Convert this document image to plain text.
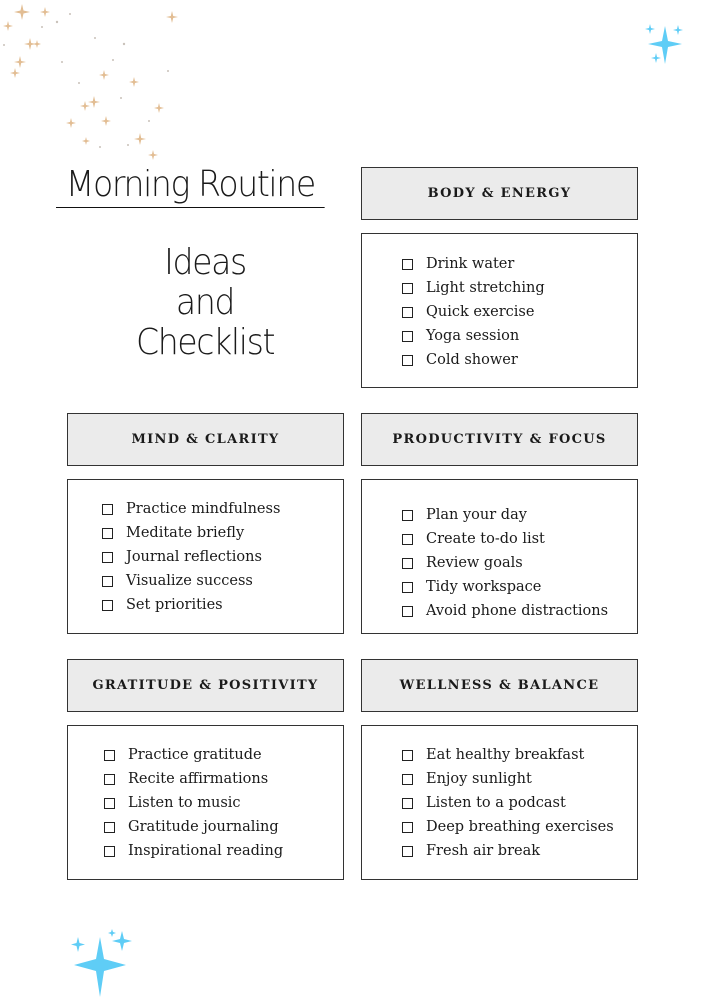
Morning Routine
Ideas
and
Checklist
BODY & ENERGY
Drink water
Light stretching
Quick exercise
Yoga session
Cold shower
MIND & CLARITY
Practice mindfulness
Meditate briefly
Journal reflections
Visualize success
Set priorities
PRODUCTIVITY & FOCUS
Plan your day
Create to-do list
Review goals
Tidy workspace
Avoid phone distractions
GRATITUDE & POSITIVITY
Practice gratitude
Recite affirmations
Listen to music
Gratitude journaling
Inspirational reading
WELLNESS & BALANCE
Eat healthy breakfast
Enjoy sunlight
Listen to a podcast
Deep breathing exercises
Fresh air break
